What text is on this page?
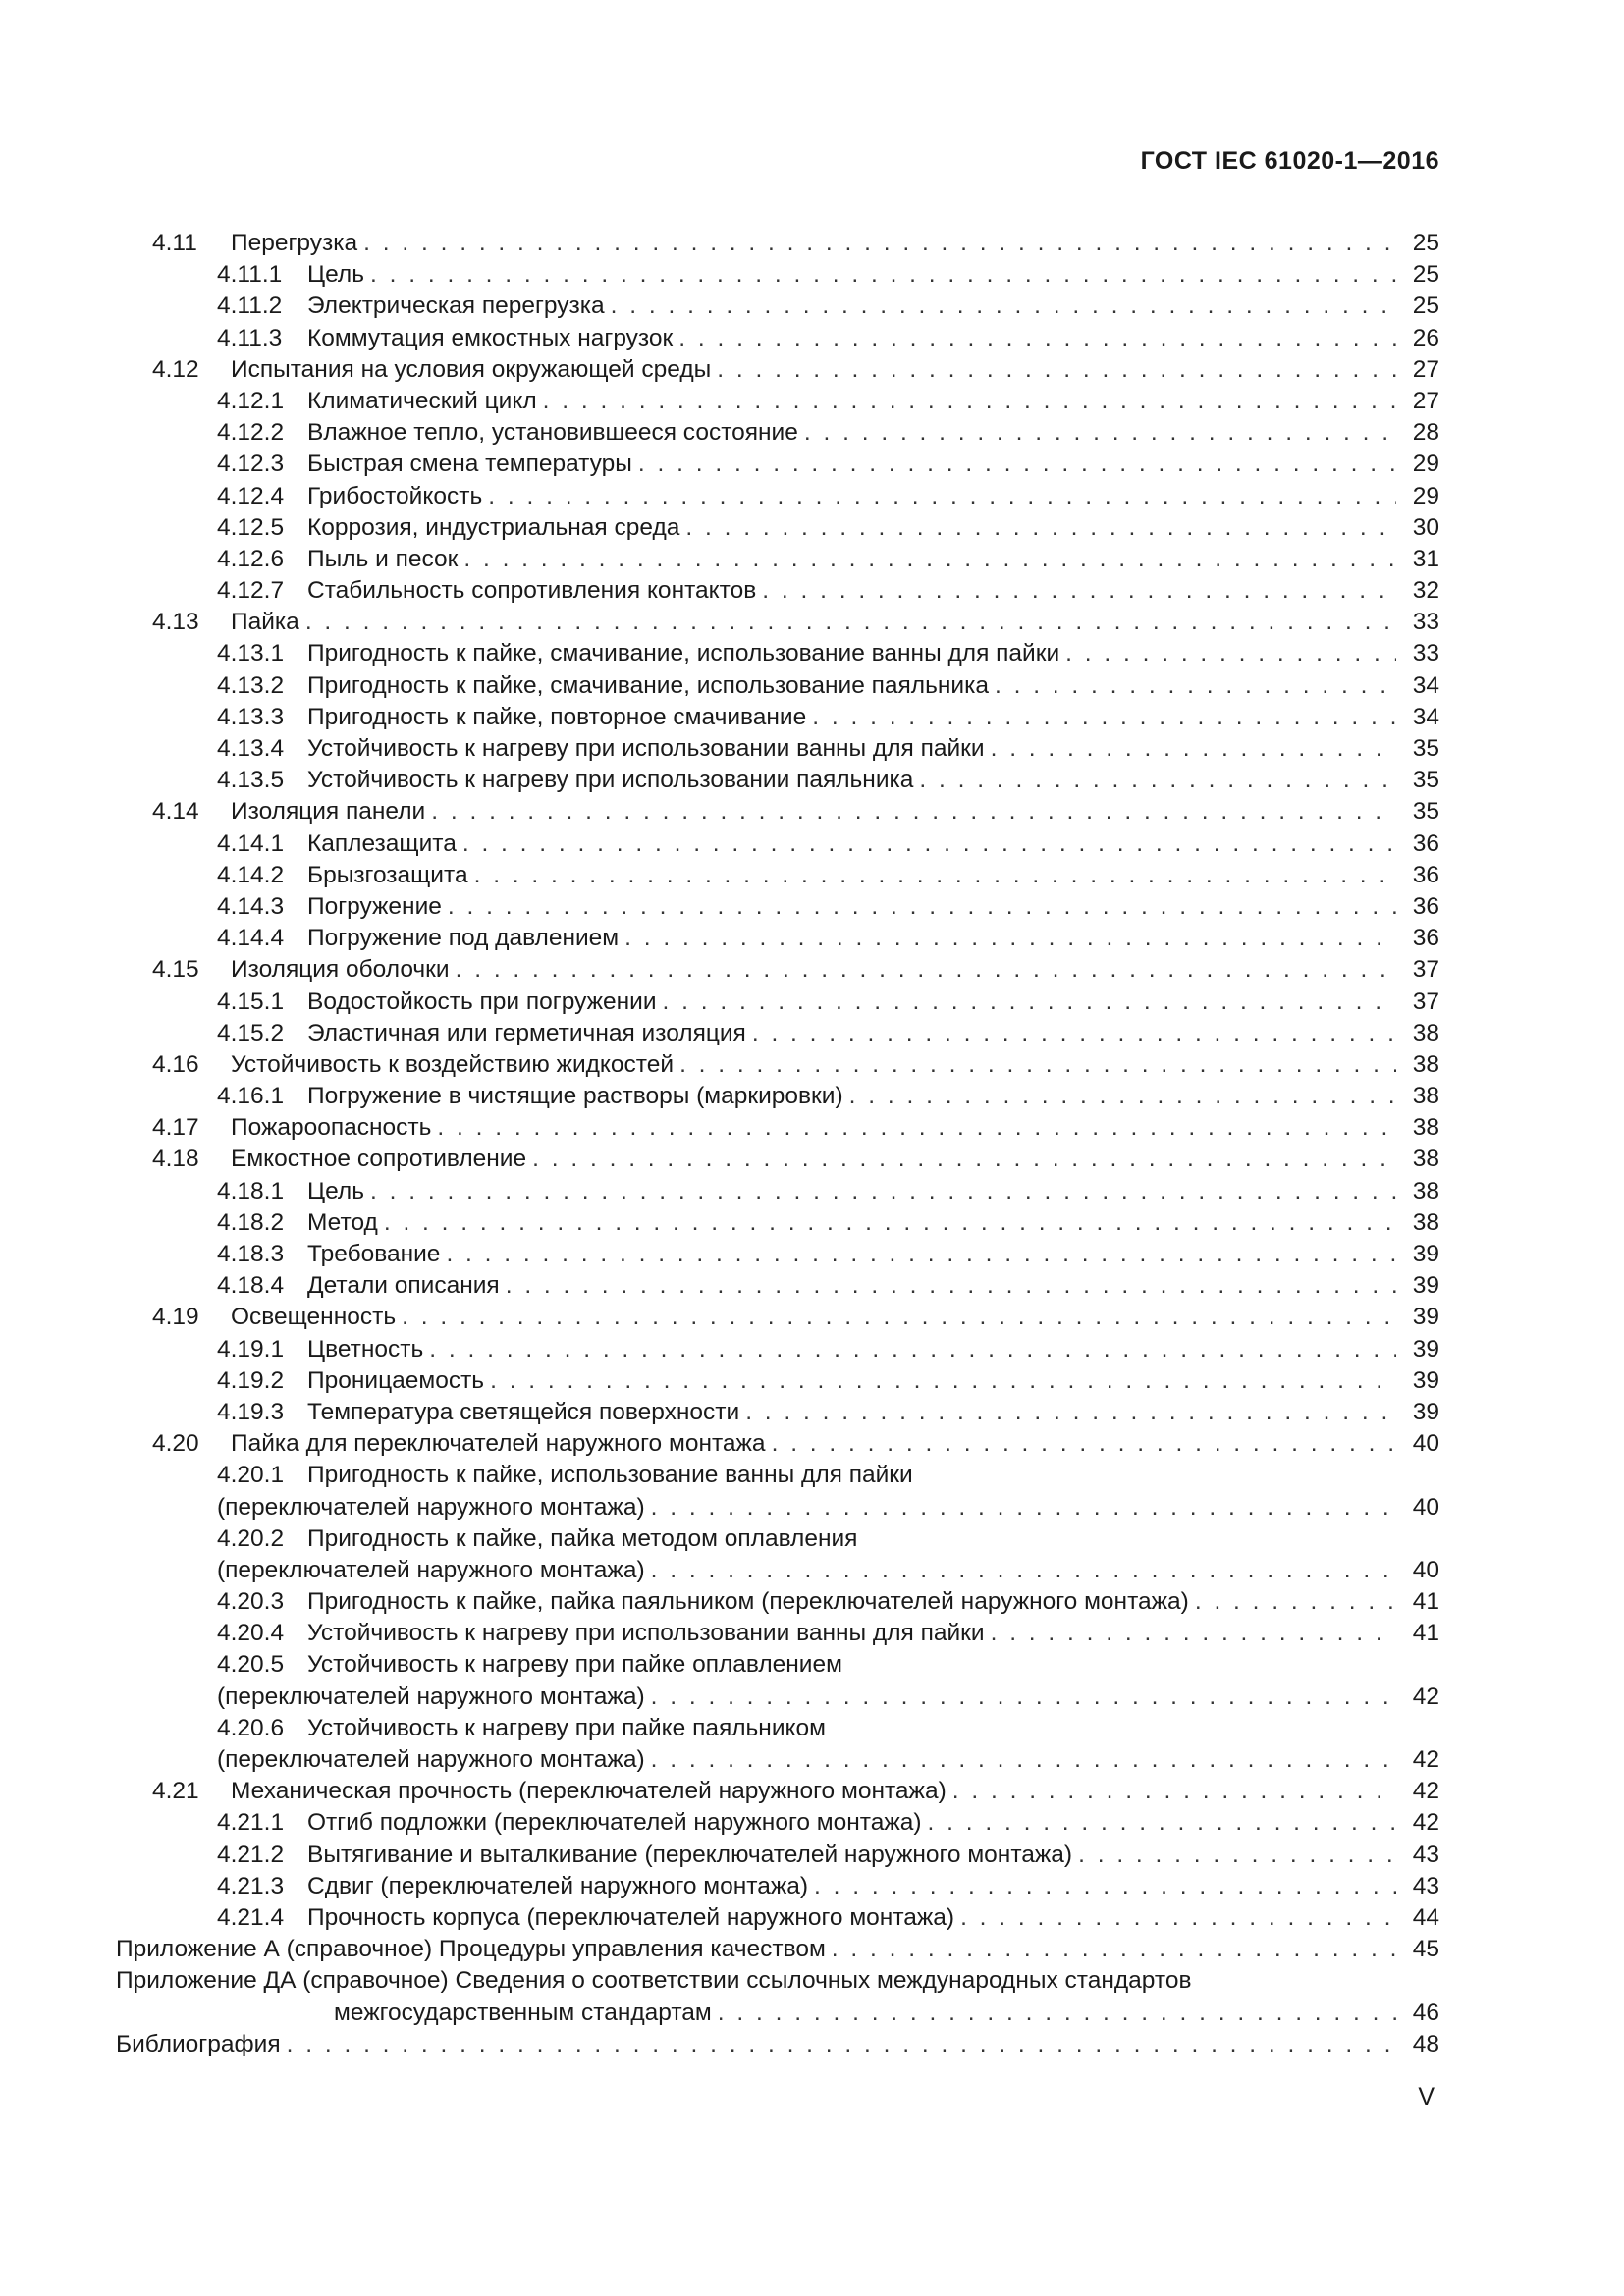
ГОСТ IEC 61020-1—2016
4.11	Перегрузка . . .	25
4.11.1	Цель . . .	25
4.11.2	Электрическая перегрузка . . .	25
4.11.3	Коммутация емкостных нагрузок . . .	26
4.12	Испытания на условия окружающей среды . . .	27
4.12.1 Климатический цикл . . .	27
4.12.2 Влажное тепло, установившееся состояние . . .	28
4.12.3 Быстрая смена температуры . . .	29
4.12.4 Грибостойкость . . .	29
4.12.5 Коррозия, индустриальная среда . . .	30
4.12.6 Пыль и песок . . .	31
4.12.7 Стабильность сопротивления контактов . . .	32
4.13	Пайка . . .	33
4.13.1 Пригодность к пайке, смачивание, использование ванны для пайки . . .	33
4.13.2 Пригодность к пайке, смачивание, использование паяльника . . .	34
4.13.3 Пригодность к пайке, повторное смачивание . . .	34
4.13.4 Устойчивость к нагреву при использовании ванны для пайки . . .	35
4.13.5 Устойчивость к нагреву при использовании паяльника . . .	35
4.14	Изоляция панели . . .	35
4.14.1 Каплезащита . . .	36
4.14.2 Брызгозащита . . .	36
4.14.3 Погружение . . .	36
4.14.4 Погружение под давлением . . .	36
4.15	Изоляция оболочки . . .	37
4.15.1 Водостойкость при погружении . . .	37
4.15.2 Эластичная или герметичная изоляция . . .	38
4.16	Устойчивость к воздействию жидкостей . . .	38
4.16.1 Погружение в чистящие растворы (маркировки) . . .	38
4.17	Пожароопасность . . .	38
4.18	Емкостное сопротивление . . .	38
4.18.1 Цель . . .	38
4.18.2 Метод . . .	38
4.18.3 Требование . . .	39
4.18.4 Детали описания . . .	39
4.19	Освещенность . . .	39
4.19.1 Цветность . . .	39
4.19.2 Проницаемость . . .	39
4.19.3 Температура светящейся поверхности . . .	39
4.20	Пайка для переключателей наружного монтажа . . .	40
4.20.1 Пригодность к пайке, использование ванны для пайки
(переключателей наружного монтажа) . . .	40
4.20.2 Пригодность к пайке, пайка методом оплавления
(переключателей наружного монтажа) . . .	40
4.20.3 Пригодность к пайке, пайка паяльником (переключателей наружного монтажа) . . .	41
4.20.4 Устойчивость к нагреву при использовании ванны для пайки . . .	41
4.20.5 Устойчивость к нагреву при пайке оплавлением
(переключателей наружного монтажа) . . .	42
4.20.6 Устойчивость к нагреву при пайке паяльником
(переключателей наружного монтажа) . . .	42
4.21	Механическая прочность (переключателей наружного монтажа) . . .	42
4.21.1 Отгиб подложки (переключателей наружного монтажа) . . .	42
4.21.2 Вытягивание и выталкивание (переключателей наружного монтажа) . . .	43
4.21.3 Сдвиг (переключателей наружного монтажа) . . .	43
4.21.4 Прочность корпуса (переключателей наружного монтажа) . . .	44
Приложение А (справочное) Процедуры управления качеством . . .	45
Приложение ДА (справочное) Сведения о соответствии ссылочных международных стандартов
межгосударственным стандартам . . .	46
Библиография . . .	48
V
